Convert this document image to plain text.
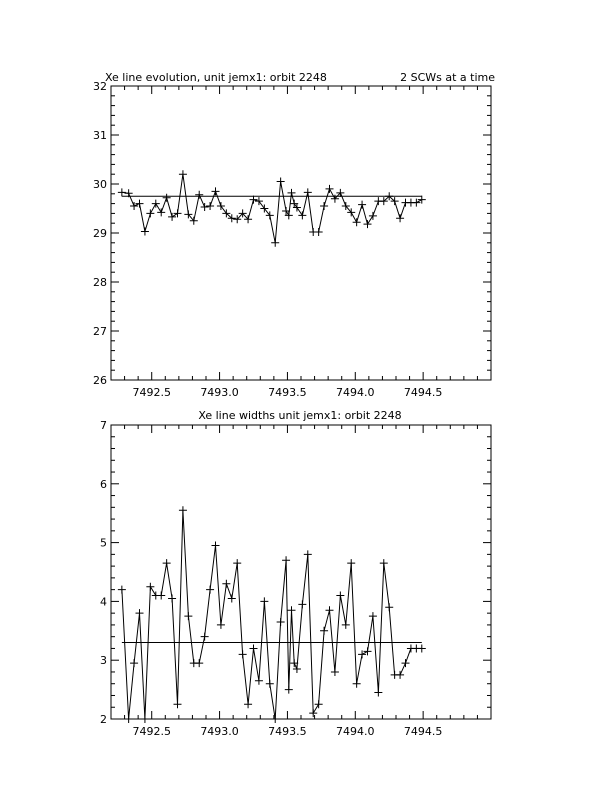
Xe line evolution, unit jemx1: orbit 2248	2 SCWs at a time
7492.5	7493.0	7493.5	7494.0	7494.5
26
27
28
29
30
31
32
Xe line widths unit jemx1: orbit 2248
7492.5	7493.0	7493.5	7494.0	7494.5
2
3
4
5
6
7
